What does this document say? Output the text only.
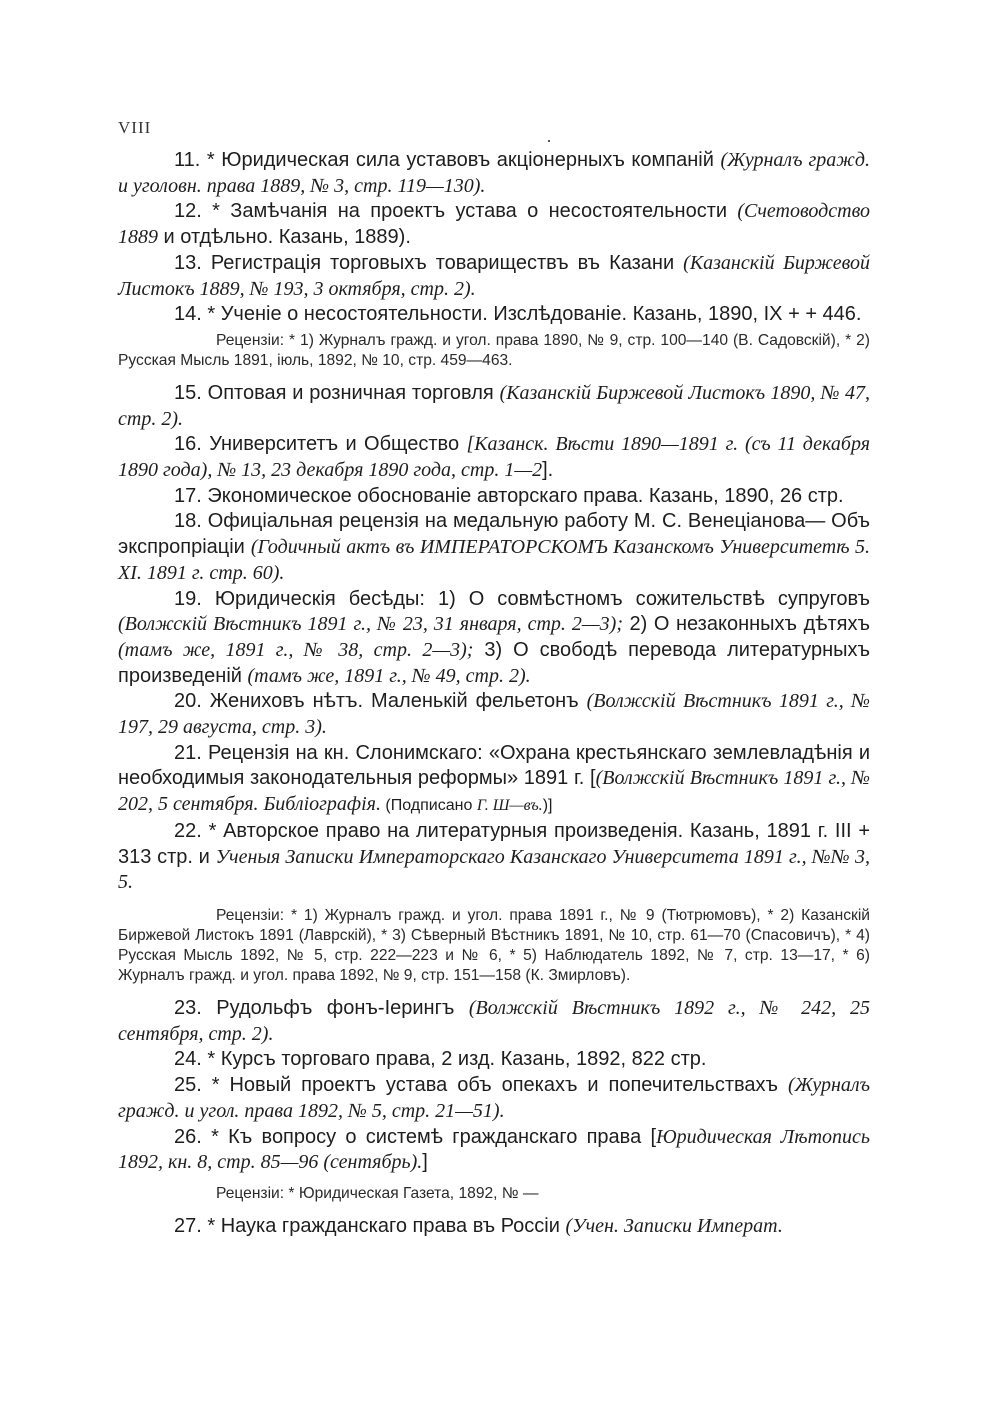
VIII

11. * Юридическая сила уставовъ акціонерныхъ компаній (Журналъ гражд. и уголовн. права 1889, № 3, стр. 119—130).

12. * Замѣчанія на проектъ устава о несостоятельности (Счетоводство 1889 и отдѣльно. Казань, 1889).

13. Регистрація торговыхъ товариществъ въ Казани (Казанскій Биржевой Листокъ 1889, № 193, 3 октября, стр. 2).

14. * Ученіе о несостоятельности. Изслѣдованіе. Казань, 1890, IX + + 446.

Рецензіи: * 1) Журналъ гражд. и угол. права 1890, № 9, стр. 100—140 (В. Садовскій), * 2) Русская Мысль 1891, іюль, 1892, № 10, стр. 459—463.

15. Оптовая и розничная торговля (Казанскій Биржевой Листокъ 1890, № 47, стр. 2).

16. Университетъ и Общество [Казанск. Вѣсти 1890—1891 г. (съ 11 декабря 1890 года), № 13, 23 декабря 1890 года, стр. 1—2].

17. Экономическое обоснованіе авторскаго права. Казань, 1890, 26 стр.

18. Офиціальная рецензія на медальную работу М. С. Венеціанова— Объ экспропріаціи (Годичный актъ въ ИМПЕРАТОРСКОМЪ Казанскомъ Университетѣ 5. XI. 1891 г. стр. 60).

19. Юридическія бесѣды: 1) О совмѣстномъ сожительствѣ супруговъ (Волжскій Вѣстникъ 1891 г., № 23, 31 января, стр. 2—3); 2) О незаконныхъ дѣтяхъ (тамъ же, 1891 г., № 38, стр. 2—3); 3) О свободѣ перевода литературныхъ произведеній (тамъ же, 1891 г., № 49, стр. 2).

20. Жениховъ нѣтъ. Маленькій фельетонъ (Волжскій Вѣстникъ 1891 г., № 197, 29 августа, стр. 3).

21. Рецензія на кн. Слонимскаго: «Охрана крестьянскаго землевладѣнія и необходимыя законодательныя реформы» 1891 г. [(Волжскій Вѣстникъ 1891 г., № 202, 5 сентября. Библіографія. (Подписано Г. Ш—въ.)]

22. * Авторское право на литературныя произведенія. Казань, 1891 г. III + 313 стр. и Ученыя Записки Императорскаго Казанскаго Университета 1891 г., №№ 3, 5.

Рецензіи: * 1) Журналъ гражд. и угол. права 1891 г., № 9 (Тютрюмовъ), * 2) Казанскій Биржевой Листокъ 1891 (Лаврскій), * 3) Сѣверный Вѣстникъ 1891, № 10, стр. 61—70 (Спасовичъ), * 4) Русская Мысль 1892, № 5, стр. 222—223 и № 6, * 5) Наблюдатель 1892, № 7, стр. 13—17, * 6) Журналъ гражд. и угол. права 1892, № 9, стр. 151—158 (К. Змирловъ).

23. Рудольфъ фонъ-Іерингъ (Волжскій Вѣстникъ 1892 г., № 242, 25 сентября, стр. 2).

24. * Курсъ торговаго права, 2 изд. Казань, 1892, 822 стр.

25. * Новый проектъ устава объ опекахъ и попечительствахъ (Журналъ гражд. и угол. права 1892, № 5, стр. 21—51).

26. * Къ вопросу о системѣ гражданскаго права [Юридическая Лѣтопись 1892, кн. 8, стр. 85—96 (сентябрь).]

Рецензіи: * Юридическая Газета, 1892, № —

27. * Наука гражданскаго права въ Россіи (Учен. Записки Императ.
